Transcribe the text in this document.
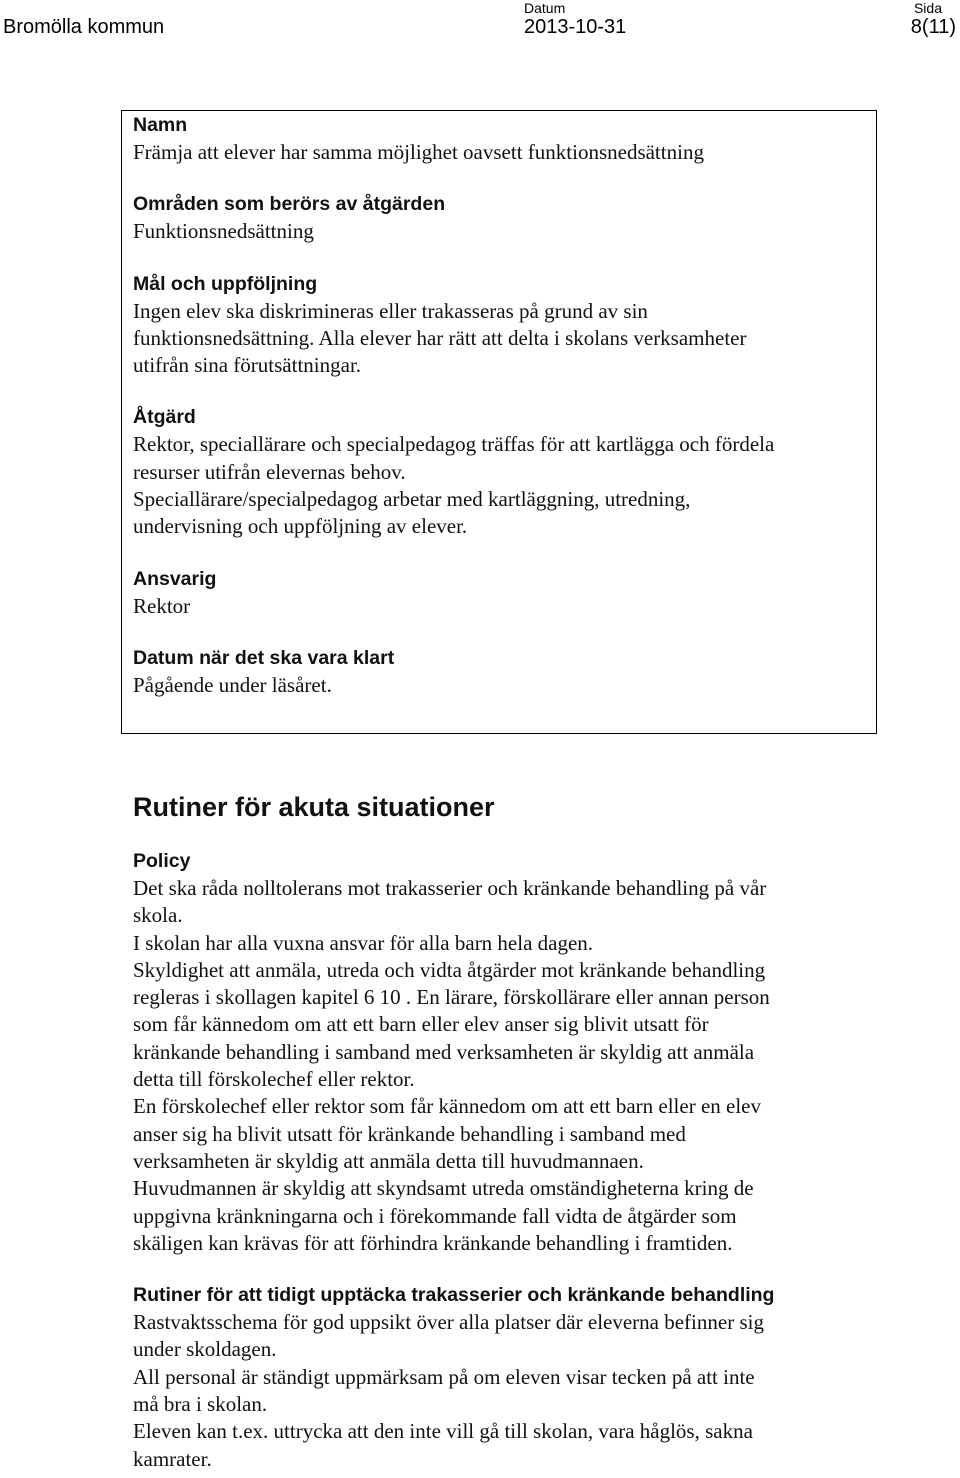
Bromölla kommun
Datum
2013-10-31
Sida
8(11)

Namn

Främja att elever har samma möjlighet oavsett funktionsnedsättning

Områden som berörs av åtgärden

Funktionsnedsättning

Mål och uppföljning

Ingen elev ska diskrimineras eller trakasseras på grund av sin

funktionsnedsättning. Alla elever har rätt att delta i skolans verksamheter

utifrån sina förutsättningar.

Åtgärd

Rektor, speciallärare och specialpedagog träffas för att kartlägga och fördela

resurser utifrån elevernas behov.

Speciallärare/specialpedagog arbetar med kartläggning, utredning,

undervisning och uppföljning av elever.

Ansvarig

Rektor

Datum när det ska vara klart

Pågående under läsåret.

Rutiner för akuta situationer

Policy

Det ska råda nolltolerans mot trakasserier och kränkande behandling på vår

skola.

I skolan har alla vuxna ansvar för alla barn hela dagen.

Skyldighet att anmäla, utreda och vidta åtgärder mot kränkande behandling

regleras i skollagen kapitel 6 10 . En lärare, förskollärare eller annan person

som får kännedom om att ett barn eller elev anser sig blivit utsatt för

kränkande behandling i samband med verksamheten är skyldig att anmäla

detta till förskolechef eller rektor.

En förskolechef eller rektor som får kännedom om att ett barn eller en elev

anser sig ha blivit utsatt för kränkande behandling i samband med

verksamheten är skyldig att anmäla detta till huvudmannaen.

Huvudmannen är skyldig att skyndsamt utreda omständigheterna kring de

uppgivna kränkningarna och i förekommande fall vidta de åtgärder som

skäligen kan krävas för att förhindra kränkande behandling i framtiden.

Rutiner för att tidigt upptäcka trakasserier och kränkande behandling

Rastvaktsschema för god uppsikt över alla platser där eleverna befinner sig

under skoldagen.

All personal är ständigt uppmärksam på om eleven visar tecken på att inte

må bra i skolan.

Eleven kan t.ex. uttrycka att den inte vill gå till skolan, vara håglös, sakna

kamrater.
